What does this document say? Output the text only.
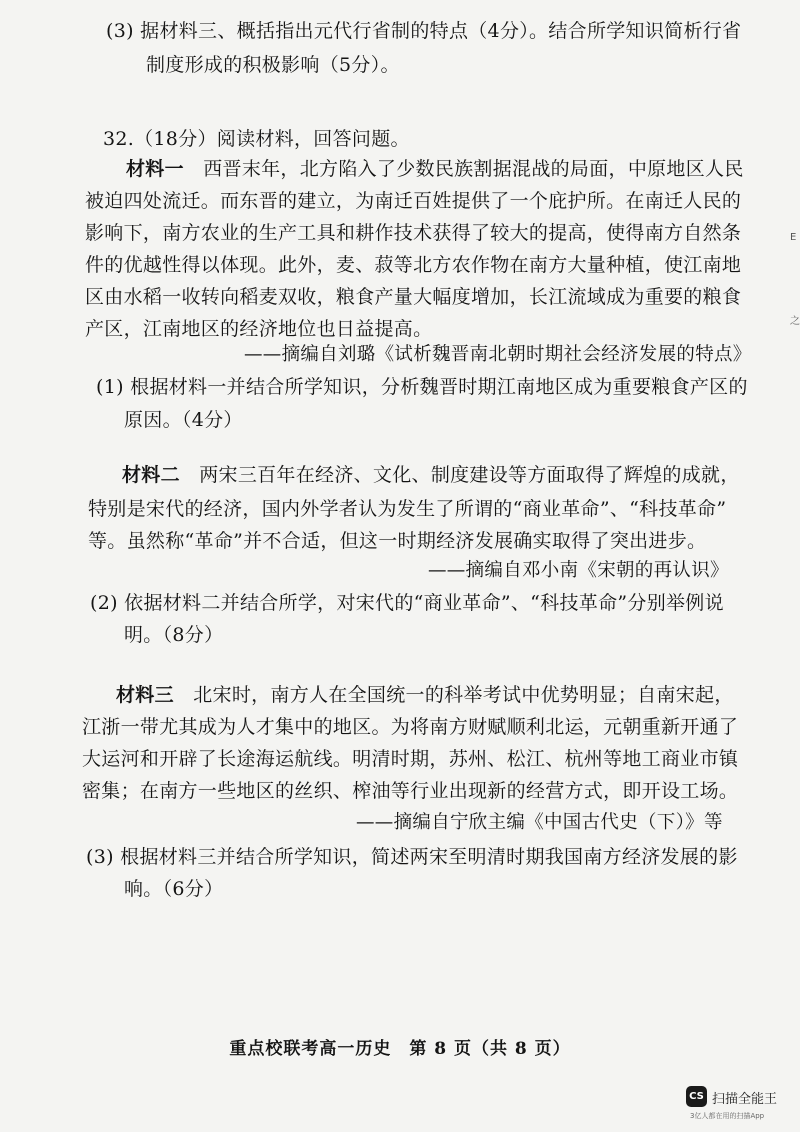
(3) 据材料三、概括指出元代行省制的特点（4分）。结合所学知识简析行省
制度形成的积极影响（5分）。
32.（18分）阅读材料，回答问题。
材料一　 西晋末年，北方陷入了少数民族割据混战的局面，中原地区人民
被迫四处流迁。而东晋的建立，为南迁百姓提供了一个庇护所。在南迁人民的
影响下，南方农业的生产工具和耕作技术获得了较大的提高，使得南方自然条
件的优越性得以体现。此外，麦、菽等北方农作物在南方大量种植，使江南地
区由水稻一收转向稻麦双收，粮食产量大幅度增加，长江流域成为重要的粮食
产区，江南地区的经济地位也日益提高。
——摘编自刘璐《试析魏晋南北朝时期社会经济发展的特点》
(1) 根据材料一并结合所学知识，分析魏晋时期江南地区成为重要粮食产区的
原因。（4分）
材料二　 两宋三百年在经济、文化、制度建设等方面取得了辉煌的成就，
特别是宋代的经济，国内外学者认为发生了所谓的“商业革命”、“科技革命”
等。虽然称“革命”并不合适，但这一时期经济发展确实取得了突出进步。
——摘编自邓小南《宋朝的再认识》
(2) 依据材料二并结合所学，对宋代的“商业革命”、“科技革命”分别举例说
明。（8分）
材料三　 北宋时，南方人在全国统一的科举考试中优势明显；自南宋起，
江浙一带尤其成为人才集中的地区。为将南方财赋顺利北运，元朝重新开通了
大运河和开辟了长途海运航线。明清时期，苏州、松江、杭州等地工商业市镇
密集；在南方一些地区的丝织、榨油等行业出现新的经营方式，即开设工场。
——摘编自宁欣主编《中国古代史（下）》等
(3) 根据材料三并结合所学知识，简述两宋至明清时期我国南方经济发展的影
响。（6分）
重点校联考高一历史　第 8 页（共 8 页）
E
之
CS 扫描全能王
3亿人都在用的扫描App
